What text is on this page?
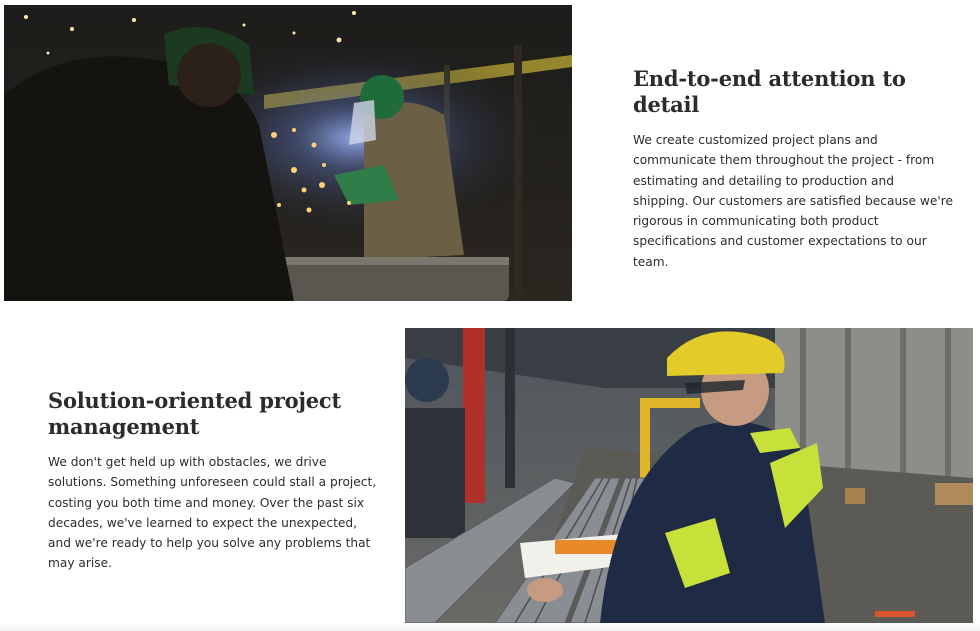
End-to-end attention to detail

We create customized project plans and communicate them throughout the project - from estimating and detailing to production and shipping. Our customers are satisfied because we're rigorous in communicating both product specifications and customer expectations to our team.

Solution-oriented project management

We don't get held up with obstacles, we drive solutions. Something unforeseen could stall a project, costing you both time and money. Over the past six decades, we've learned to expect the unexpected, and we're ready to help you solve any problems that may arise.
